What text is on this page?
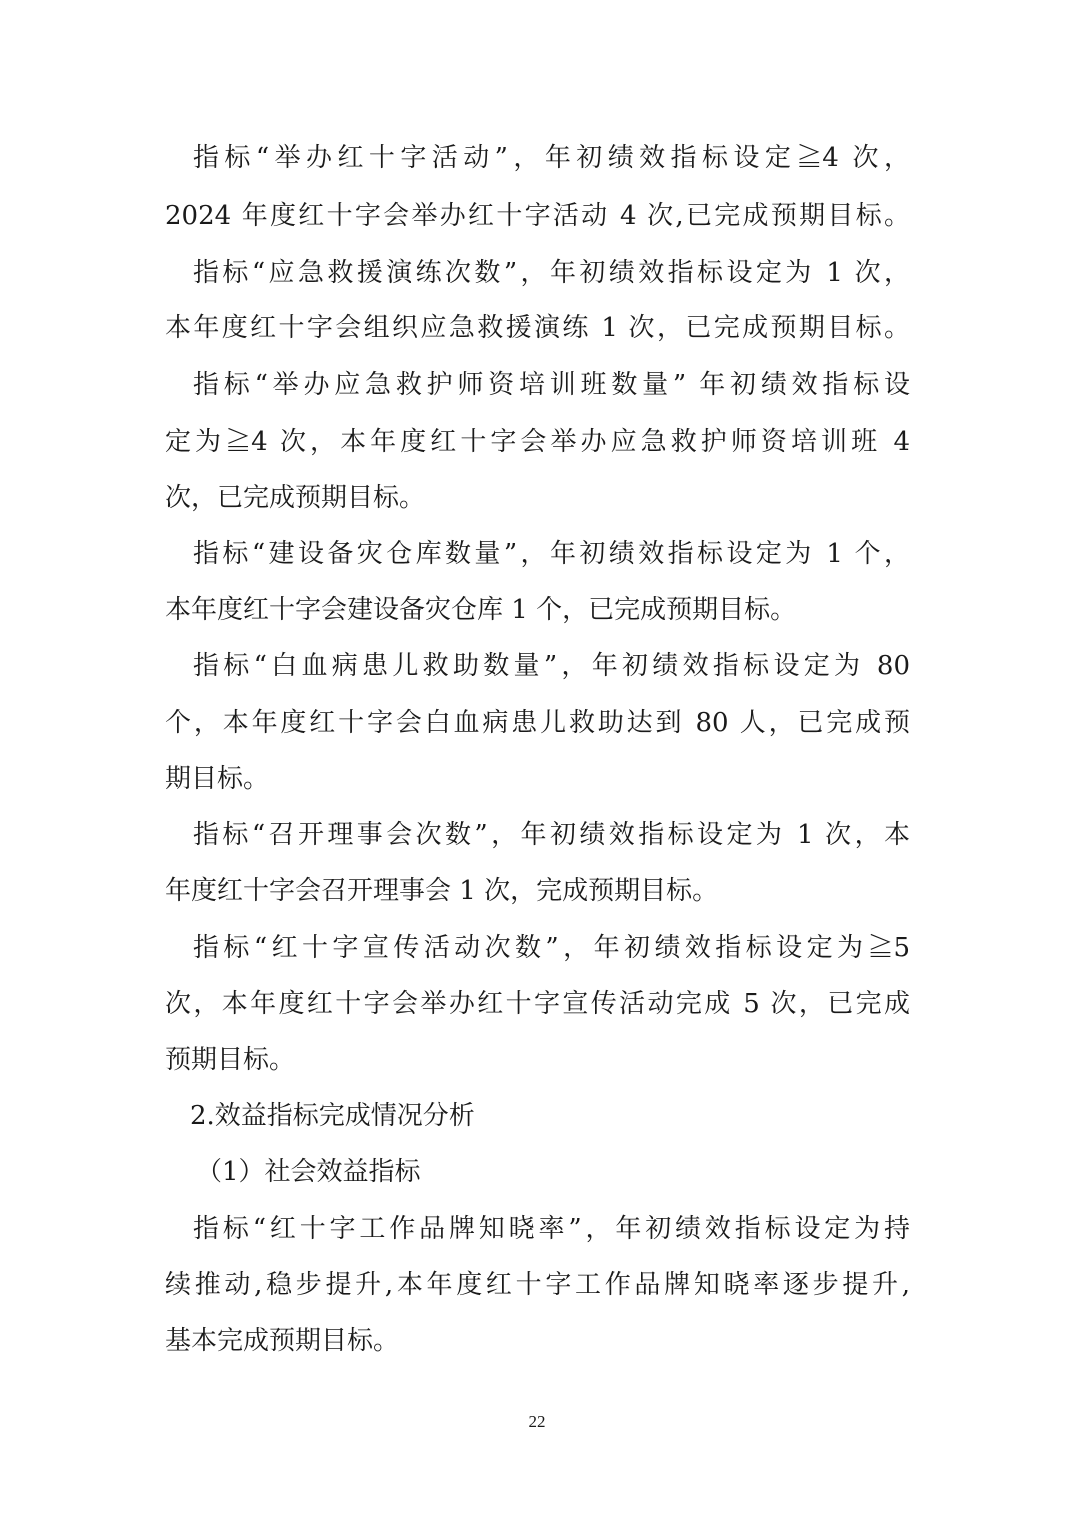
指标“举办红十字活动”，年初绩效指标设定≧4 次，
2024 年度红十字会举办红十字活动 4 次,已完成预期目标。
指标“应急救援演练次数”，年初绩效指标设定为 1 次，
本年度红十字会组织应急救援演练 1 次，已完成预期目标。
指标“举办应急救护师资培训班数量” 年初绩效指标设
定为≧4 次，本年度红十字会举办应急救护师资培训班 4
次，已完成预期目标。
指标“建设备灾仓库数量”，年初绩效指标设定为 1 个，
本年度红十字会建设备灾仓库 1 个，已完成预期目标。
指标“白血病患儿救助数量”，年初绩效指标设定为 80
个，本年度红十字会白血病患儿救助达到 80 人，已完成预
期目标。
指标“召开理事会次数”，年初绩效指标设定为 1 次，本
年度红十字会召开理事会 1 次，完成预期目标。
指标“红十字宣传活动次数”，年初绩效指标设定为≧5
次，本年度红十字会举办红十字宣传活动完成 5 次，已完成
预期目标。
2.效益指标完成情况分析
（1）社会效益指标
指标“红十字工作品牌知晓率”，年初绩效指标设定为持
续推动,稳步提升,本年度红十字工作品牌知晓率逐步提升,
基本完成预期目标。
22
